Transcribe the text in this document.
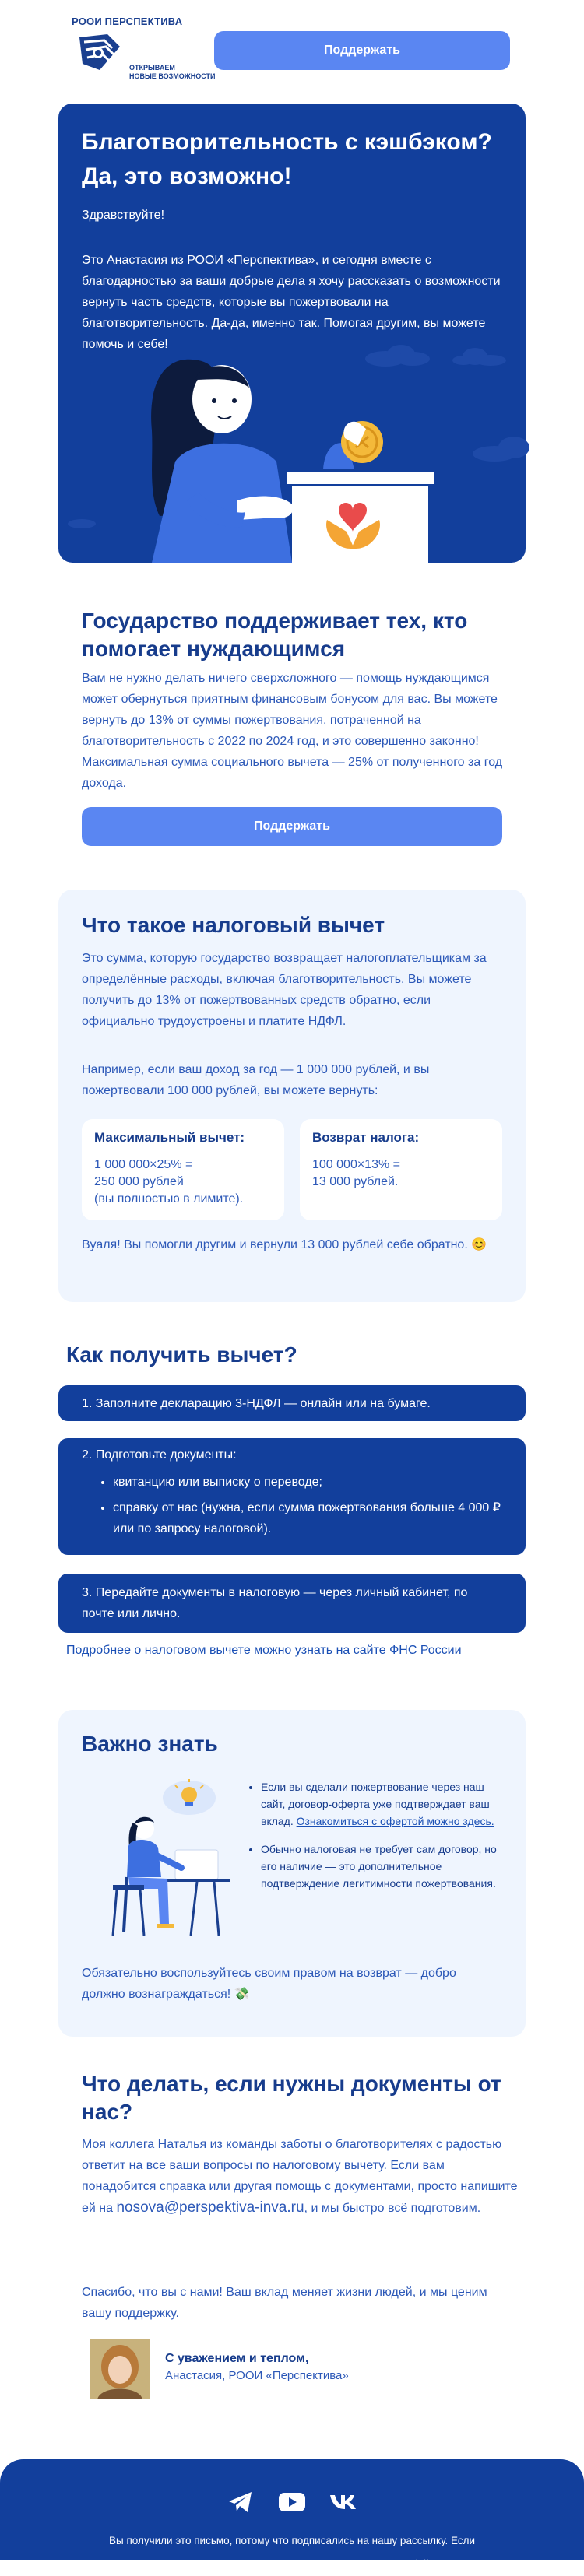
РООИ ПЕРСПЕКТИВА
ОТКРЫВАЕМ
НОВЫЕ ВОЗМОЖНОСТИ
Поддержать
Благотворительность с кэшбэком? Да, это возможно!
Здравствуйте!
Это Анастасия из РООИ «Перспектива», и сегодня вместе с благодарностью за ваши добрые дела я хочу рассказать о возможности вернуть часть средств, которые вы пожертвовали на благотворительность. Да-да, именно так. Помогая другим, вы можете помочь и себе!
Государство поддерживает тех, кто помогает нуждающимся
Вам не нужно делать ничего сверхсложного — помощь нуждающимся может обернуться приятным финансовым бонусом для вас. Вы можете вернуть до 13% от суммы пожертвования, потраченной на благотворительность с 2022 по 2024 год, и это совершенно законно! Максимальная сумма социального вычета — 25% от полученного за год дохода.
Поддержать
Что такое налоговый вычет
Это сумма, которую государство возвращает налогоплательщикам за определённые расходы, включая благотворительность. Вы можете получить до 13% от пожертвованных средств обратно, если официально трудоустроены и платите НДФЛ.
Например, если ваш доход за год — 1 000 000 рублей, и вы пожертвовали 100 000 рублей, вы можете вернуть:
Максимальный вычет:
1 000 000×25% =
250 000 рублей
(вы полностью в лимите).
Возврат налога:
100 000×13% =
13 000 рублей.
Вуаля! Вы помогли другим и вернули 13 000 рублей себе обратно. 😊
Как получить вычет?
1. Заполните декларацию 3-НДФЛ — онлайн или на бумаге.
2. Подготовьте документы:
• квитанцию или выписку о переводе;
• справку от нас (нужна, если сумма пожертвования больше 4 000 ₽ или по запросу налоговой).
3. Передайте документы в налоговую — через личный кабинет, по почте или лично.
Подробнее о налоговом вычете можно узнать на сайте ФНС России
Важно знать
• Если вы сделали пожертвование через наш сайт, договор-оферта уже подтверждает ваш вклад. Ознакомиться с офертой можно здесь.
• Обычно налоговая не требует сам договор, но его наличие — это дополнительное подтверждение легитимности пожертвования.
Обязательно воспользуйтесь своим правом на возврат — добро должно вознаграждаться! 💸
Что делать, если нужны документы от нас?
Моя коллега Наталья из команды заботы о благотворителях с радостью ответит на все ваши вопросы по налоговому вычету. Если вам понадобится справка или другая помощь с документами, просто напишите ей на nosova@perspektiva-inva.ru, и мы быстро всё подготовим.
Спасибо, что вы с нами! Ваш вклад меняет жизни людей, и мы ценим вашу поддержку.
С уважением и теплом,
Анастасия, РООИ «Перспектива»
Вы получили это письмо, потому что подписались на нашу рассылку. Если
вы передумали, ничего страшного! Вы можете отписаться в любой момент —
